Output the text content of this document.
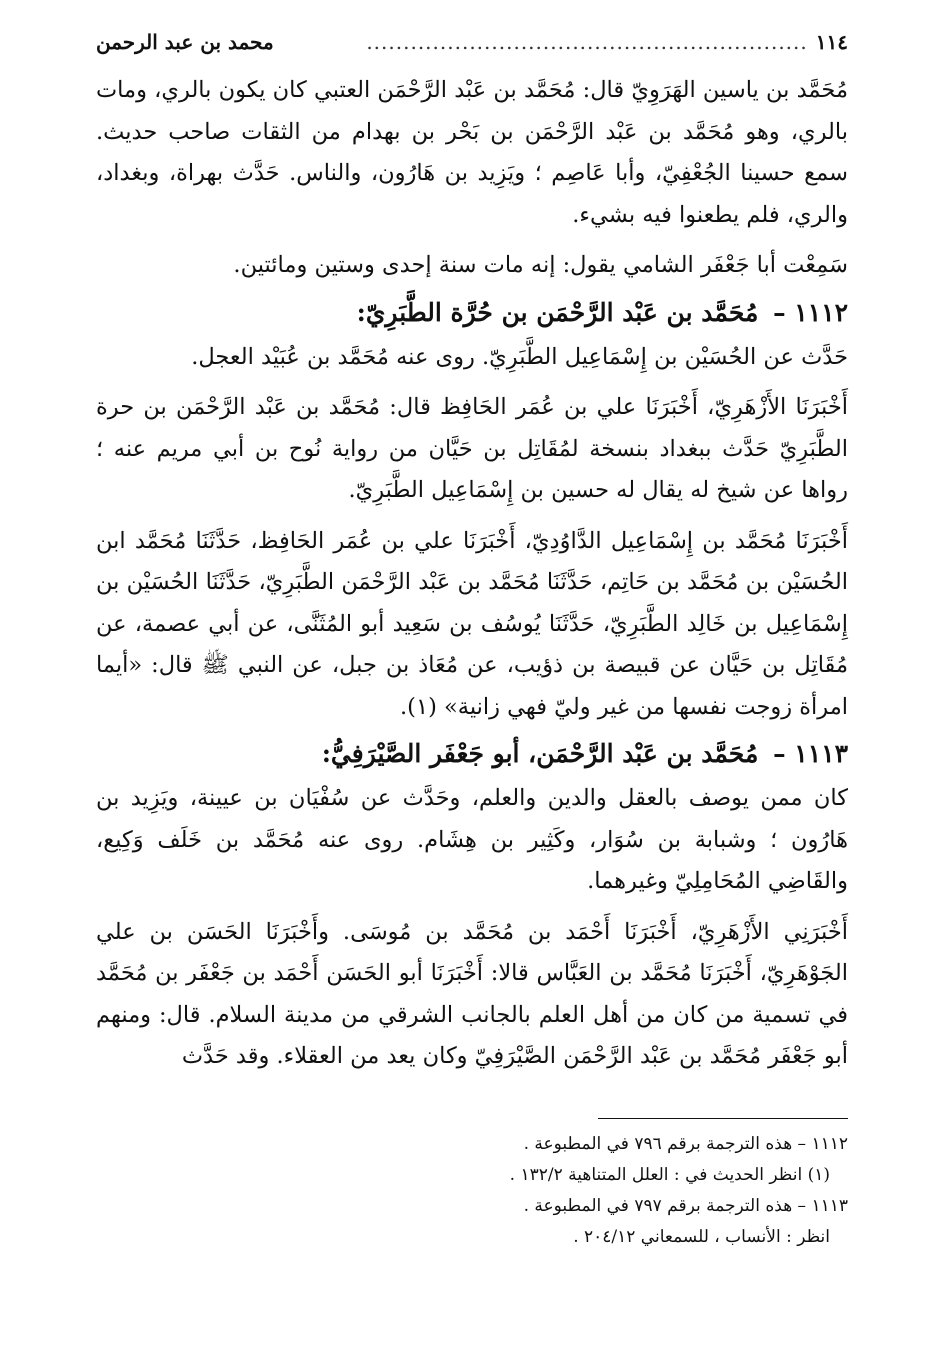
١١٤
............................................................
محمد بن عبد الرحمن

مُحَمَّد بن ياسين الهَرَوِيّ قال: مُحَمَّد بن عَبْد الرَّحْمَن العتبي كان يكون بالري، ومات بالري، وهو مُحَمَّد بن عَبْد الرَّحْمَن بن بَحْر بن بهدام من الثقات صاحب حديث. سمع حسينا الجُعْفِيّ، وأبا عَاصِم ؛ ويَزِيد بن هَارُون، والناس. حَدَّث بهراة، وبغداد، والري، فلم يطعنوا فيه بشيء.

سَمِعْت أبا جَعْفَر الشامي يقول: إنه مات سنة إحدى وستين ومائتين.

١١١٢ – مُحَمَّد بن عَبْد الرَّحْمَن بن حُرَّة الطَّبَرِيّ:

حَدَّث عن الحُسَيْن بن إِسْمَاعِيل الطَّبَرِيّ. روى عنه مُحَمَّد بن عُبَيْد العجل.

أَخْبَرَنَا الأَزْهَرِيّ، أَخْبَرَنَا علي بن عُمَر الحَافِظ قال: مُحَمَّد بن عَبْد الرَّحْمَن بن حرة الطَّبَرِيّ حَدَّث ببغداد بنسخة لمُقَاتِل بن حَيَّان من رواية نُوح بن أبي مريم عنه ؛ رواها عن شيخ له يقال له حسين بن إِسْمَاعِيل الطَّبَرِيّ.

أَخْبَرَنَا مُحَمَّد بن إِسْمَاعِيل الدَّاوُدِيّ، أَخْبَرَنَا علي بن عُمَر الحَافِظ، حَدَّثَنَا مُحَمَّد ابن الحُسَيْن بن مُحَمَّد بن حَاتِم، حَدَّثَنَا مُحَمَّد بن عَبْد الرَّحْمَن الطَّبَرِيّ، حَدَّثَنَا الحُسَيْن بن إِسْمَاعِيل بن خَالِد الطَّبَرِيّ، حَدَّثَنَا يُوسُف بن سَعِيد أبو المُثَنَّى، عن أبي عصمة، عن مُقَاتِل بن حَيَّان عن قبيصة بن ذؤيب، عن مُعَاذ بن جبل، عن النبي ﷺ قال: «أيما امرأة زوجت نفسها من غير وليّ فهي زانية» (١).

١١١٣ – مُحَمَّد بن عَبْد الرَّحْمَن، أبو جَعْفَر الصَّيْرَفِيُّ:

كان ممن يوصف بالعقل والدين والعلم، وحَدَّث عن سُفْيَان بن عيينة، ويَزِيد بن هَارُون ؛ وشبابة بن سُوَار، وكَثِير بن هِشَام. روى عنه مُحَمَّد بن خَلَف وَكِيع، والقَاضِي المُحَامِلِيّ وغيرهما.

أَخْبَرَنِي الأَزْهَرِيّ، أَخْبَرَنَا أَحْمَد بن مُحَمَّد بن مُوسَى. وأَخْبَرَنَا الحَسَن بن علي الجَوْهَرِيّ، أَخْبَرَنَا مُحَمَّد بن العَبَّاس قالا: أَخْبَرَنَا أبو الحَسَن أَحْمَد بن جَعْفَر بن مُحَمَّد في تسمية من كان من أهل العلم بالجانب الشرقي من مدينة السلام. قال: ومنهم أبو جَعْفَر مُحَمَّد بن عَبْد الرَّحْمَن الصَّيْرَفِيّ وكان يعد من العقلاء. وقد حَدَّث

١١١٢ – هذه الترجمة برقم ٧٩٦ في المطبوعة .

(١) انظر الحديث في : العلل المتناهية ١٣٢/٢ .

١١١٣ – هذه الترجمة برقم ٧٩٧ في المطبوعة .

انظر : الأنساب ، للسمعاني ٢٠٤/١٢ .
